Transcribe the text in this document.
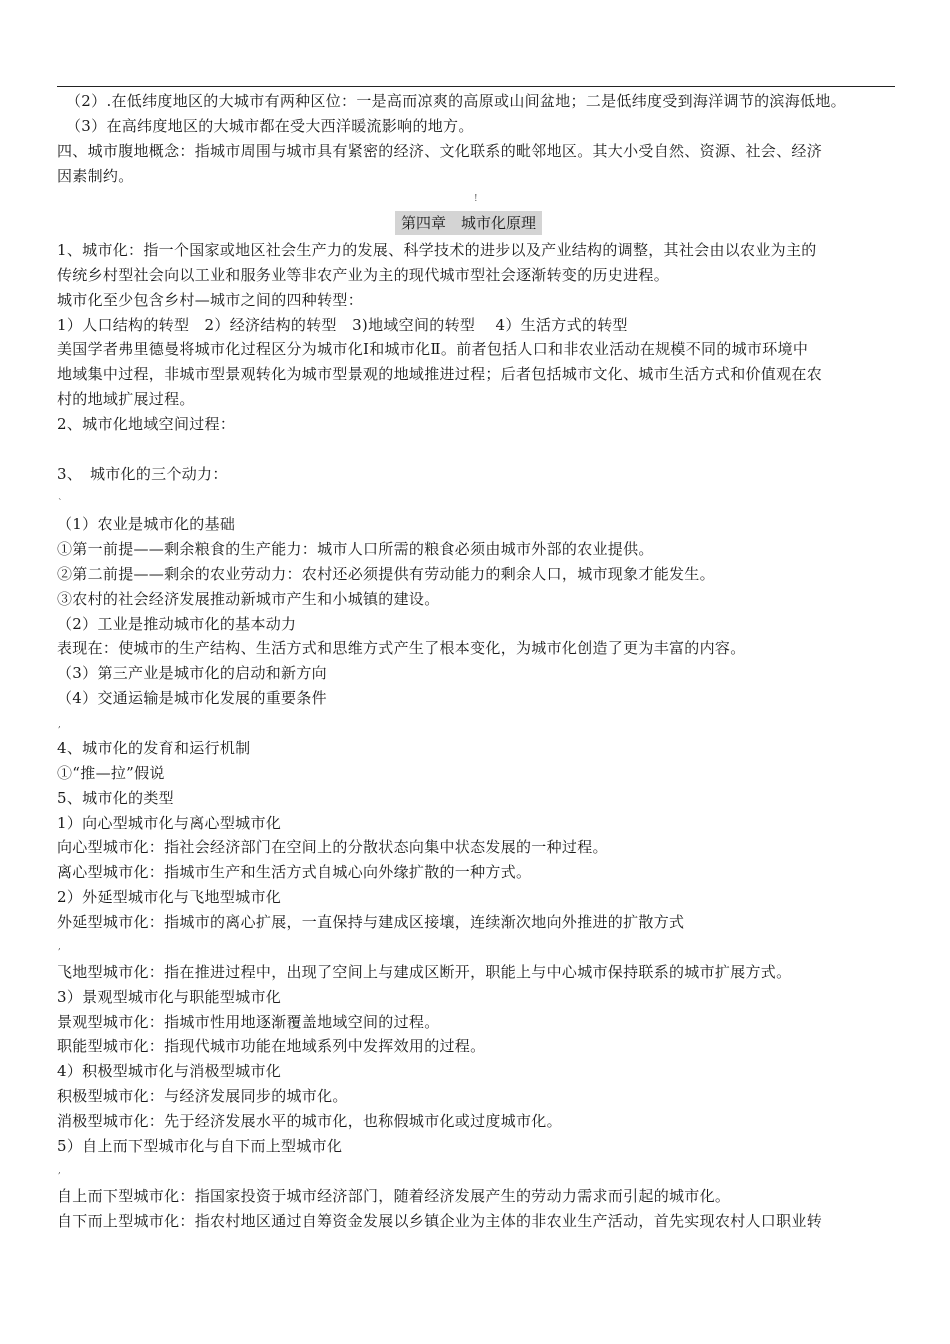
第四章　城市化原理
!
`
,
,
,
（2）.在低纬度地区的大城市有两种区位：一是高而凉爽的高原或山间盆地；二是低纬度受到海洋调节的滨海低地。
（3）在高纬度地区的大城市都在受大西洋暖流影响的地方。
四、城市腹地概念：指城市周围与城市具有紧密的经济、文化联系的毗邻地区。其大小受自然、资源、社会、经济
因素制约。
1、城市化：指一个国家或地区社会生产力的发展、科学技术的进步以及产业结构的调整，其社会由以农业为主的
传统乡村型社会向以工业和服务业等非农产业为主的现代城市型社会逐渐转变的历史进程。
城市化至少包含乡村—城市之间的四种转型：
1）人口结构的转型　2）经济结构的转型　3)地域空间的转型　 4）生活方式的转型
美国学者弗里德曼将城市化过程区分为城市化Ⅰ和城市化Ⅱ。前者包括人口和非农业活动在规模不同的城市环境中
地域集中过程，非城市型景观转化为城市型景观的地域推进过程；后者包括城市文化、城市生活方式和价值观在农
村的地域扩展过程。
2、城市化地域空间过程：
3、　城市化的三个动力：
（1）农业是城市化的基础
①第一前提——剩余粮食的生产能力：城市人口所需的粮食必须由城市外部的农业提供。
②第二前提——剩余的农业劳动力：农村还必须提供有劳动能力的剩余人口，城市现象才能发生。
③农村的社会经济发展推动新城市产生和小城镇的建设。
（2）工业是推动城市化的基本动力
表现在：使城市的生产结构、生活方式和思维方式产生了根本变化，为城市化创造了更为丰富的内容。
（3）第三产业是城市化的启动和新方向
（4）交通运输是城市化发展的重要条件
4、城市化的发育和运行机制
①“推—拉”假说
5、城市化的类型
1）向心型城市化与离心型城市化
向心型城市化：指社会经济部门在空间上的分散状态向集中状态发展的一种过程。
离心型城市化：指城市生产和生活方式自城心向外缘扩散的一种方式。
2）外延型城市化与飞地型城市化
外延型城市化：指城市的离心扩展，一直保持与建成区接壤，连续渐次地向外推进的扩散方式
飞地型城市化：指在推进过程中，出现了空间上与建成区断开，职能上与中心城市保持联系的城市扩展方式。
3）景观型城市化与职能型城市化
景观型城市化：指城市性用地逐渐覆盖地域空间的过程。
职能型城市化：指现代城市功能在地域系列中发挥效用的过程。
4）积极型城市化与消极型城市化
积极型城市化：与经济发展同步的城市化。
消极型城市化：先于经济发展水平的城市化，也称假城市化或过度城市化。
5）自上而下型城市化与自下而上型城市化
自上而下型城市化：指国家投资于城市经济部门，随着经济发展产生的劳动力需求而引起的城市化。
自下而上型城市化：指农村地区通过自筹资金发展以乡镇企业为主体的非农业生产活动，首先实现农村人口职业转
